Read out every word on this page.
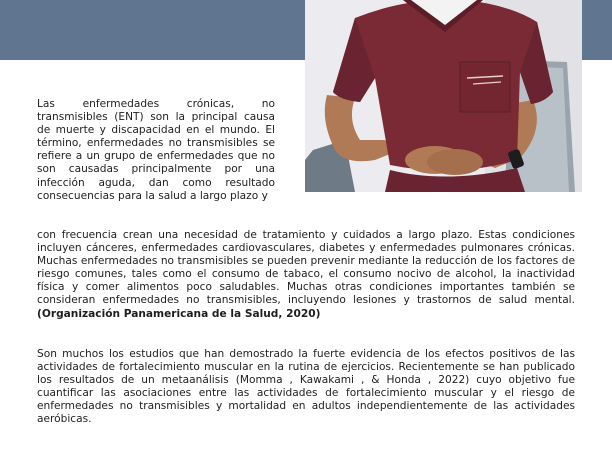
Las enfermedades crónicas, no transmisibles (ENT) son la principal causa de muerte y discapacidad en el mundo. El término, enfermedades no transmisibles se refiere a un grupo de enfermedades que no son causadas principalmente por una infección aguda, dan como resultado consecuencias para la salud a largo plazo y

con frecuencia crean una necesidad de tratamiento y cuidados a largo plazo. Estas condiciones incluyen cánceres, enfermedades cardiovasculares, diabetes y enfermedades pulmonares crónicas. Muchas enfermedades no transmisibles se pueden prevenir mediante la reducción de los factores de riesgo comunes, tales como el consumo de tabaco, el consumo nocivo de alcohol, la inactividad física y comer alimentos poco saludables. Muchas otras condiciones importantes también se consideran enfermedades no transmisibles, incluyendo lesiones y trastornos de salud mental. (Organización Panamericana de la Salud, 2020)

Son muchos los estudios que han demostrado la fuerte evidencia de los efectos positivos de las actividades de fortalecimiento muscular en la rutina de ejercicios. Recientemente se han publicado los resultados de un metaanálisis (Momma , Kawakami , & Honda , 2022) cuyo objetivo fue cuantificar las asociaciones entre las actividades de fortalecimiento muscular y el riesgo de enfermedades no transmisibles y mortalidad en adultos independientemente de las actividades aeróbicas.
